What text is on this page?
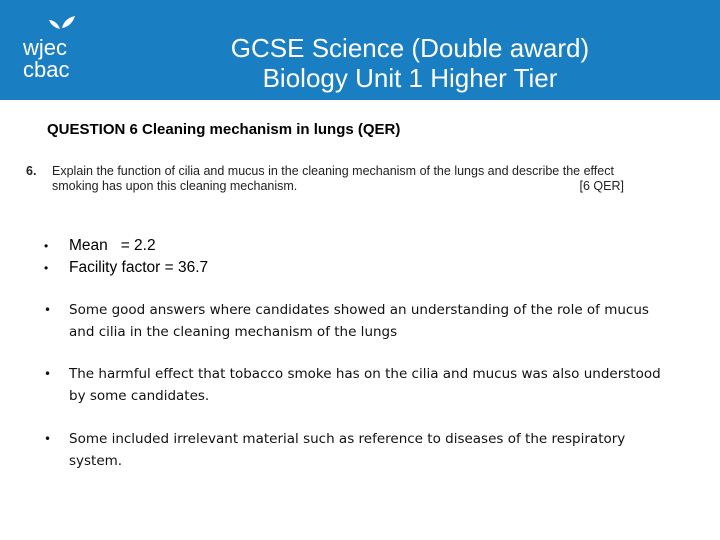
wjec
cbac
GCSE Science (Double award)
Biology Unit 1 Higher Tier
QUESTION 6 Cleaning mechanism in lungs (QER)
6. Explain the function of cilia and mucus in the cleaning mechanism of the lungs and describe the effect smoking has upon this cleaning mechanism.	[6 QER]
•	Mean   = 2.2
•	Facility factor = 36.7
•	Some good answers where candidates showed an understanding of the role of mucus and cilia in the cleaning mechanism of the lungs
•	The harmful effect that tobacco smoke has on the cilia and mucus was also understood by some candidates.
•	Some included irrelevant material such as reference to diseases of the respiratory system.
